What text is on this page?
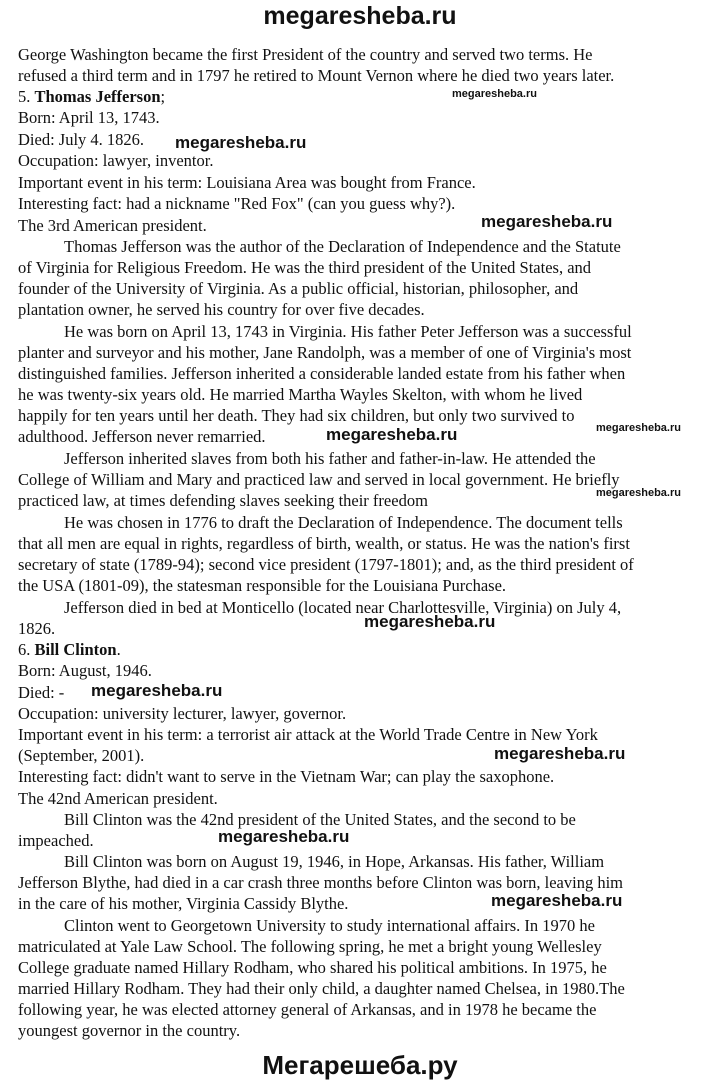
megaresheba.ru
George Washington became the first President of the country and served two terms. He
refused a third term and in 1797 he retired to Mount Vernon where he died two years later.
5. Thomas Jefferson;
Born: April 13, 1743.
Died: July 4. 1826.
Occupation: lawyer, inventor.
Important event in his term: Louisiana Area was bought from France.
Interesting fact: had a nickname "Red Fox" (can you guess why?).
The 3rd American president.
Thomas Jefferson was the author of the Declaration of Independence and the Statute
of Virginia for Religious Freedom. He was the third president of the United States, and
founder of the University of Virginia. As a public official, historian, philosopher, and
plantation owner, he served his country for over five decades.
He was born on April 13, 1743 in Virginia. His father Peter Jefferson was a successful
planter and surveyor and his mother, Jane Randolph, was a member of one of Virginia's most
distinguished families. Jefferson inherited a considerable landed estate from his father when
he was twenty-six years old. He married Martha Wayles Skelton, with whom he lived
happily for ten years until her death. They had six children, but only two survived to
adulthood. Jefferson never remarried.
Jefferson inherited slaves from both his father and father-in-law. He attended the
College of William and Mary and practiced law and served in local government. He briefly
practiced law, at times defending slaves seeking their freedom
He was chosen in 1776 to draft the Declaration of Independence. The document tells
that all men are equal in rights, regardless of birth, wealth, or status. He was the nation's first
secretary of state (1789-94); second vice president (1797-1801); and, as the third president of
the USA (1801-09), the statesman responsible for the Louisiana Purchase.
Jefferson died in bed at Monticello (located near Charlottesville, Virginia) on July 4,
1826.
6. Bill Clinton.
Born: August, 1946.
Died: -
Occupation: university lecturer, lawyer, governor.
Important event in his term: a terrorist air attack at the World Trade Centre in New York
(September, 2001).
Interesting fact: didn't want to serve in the Vietnam War; can play the saxophone.
The 42nd American president.
Bill Clinton was the 42nd president of the United States, and the second to be
impeached.
Bill Clinton was born on August 19, 1946, in Hope, Arkansas. His father, William
Jefferson Blythe, had died in a car crash three months before Clinton was born, leaving him
in the care of his mother, Virginia Cassidy Blythe.
Clinton went to Georgetown University to study international affairs. In 1970 he
matriculated at Yale Law School. The following spring, he met a bright young Wellesley
College graduate named Hillary Rodham, who shared his political ambitions. In 1975, he
married Hillary Rodham. They had their only child, a daughter named Chelsea, in 1980.The
following year, he was elected attorney general of Arkansas, and in 1978 he became the
youngest governor in the country.
megaresheba.ru
megaresheba.ru
megaresheba.ru
megaresheba.ru
megaresheba.ru
megaresheba.ru
megaresheba.ru
megaresheba.ru
megaresheba.ru
megaresheba.ru
megaresheba.ru
Мегарешеба.ру
